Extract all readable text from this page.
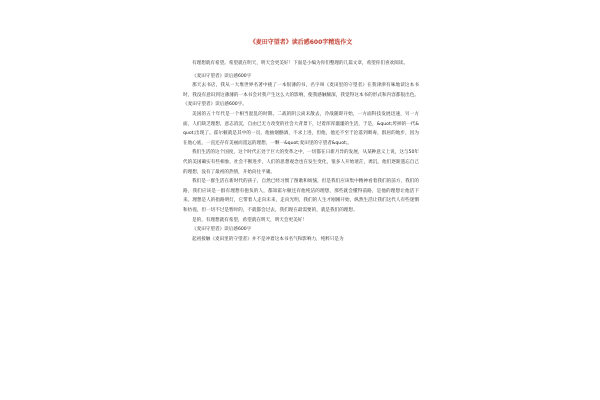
《麦田守望者》读后感600字精选作文

有理想就有希望。希望就在明天，明天会更美好！下面是小编为你们整理的几篇文章，希望你们喜欢阅读。

《麦田守望者》读后感600字

那天去书店，我从一大堆世界名著中挑了一本很薄的书，名字叫《麦田里的守望者》在我津津有味地读这本书时，我没有意识到这薄薄的一本书会对我产生这么大的影响，使我感触颇深，我觉得这本书的形式和内容都很出色。《麦田守望者》读后感600字。

美国的五十年代是一个相当混乱的时期。二战的阴云尚未散去，冷战随即开始，一方面科技发展迅速，另一方面，人们缺乏理想，意志消沉，自由已无力改变的社会大背景下，过着浑浑噩噩的生活，于是，&quot;垮掉的一代&quot;出现了。霍尔顿就是其中的一员，他抽烟酗酒，不求上进，但他，他还不至于沦落到吸毒，群居的地步，因为在他心底，一直还存有美丽而遥远的理想，一颗一&quot;麦田里的守望者&quot;。

我们生活的这个国度，这个时代正处于巨大的变革之中，一切都在日新月异的发展，从某种意义上说，这与50年代的美国确实有些相象，社会不断进步，人们的思想观念也在发生变化，很多人开始迷茫，诱沉，他们逐渐遗忘自己的理想，没有了最初的热情，开始向往平庸。

我们是一群生活在新时代的孩子，自然已经习惯了图歌和烦恼，但是我们应该集中精神看着我们的前方，我们的路，我们应该是一群有理想有抱负的人，都知霍尔顿还有他纯洁的理想，那些就会懂得前路，是他的理想让他活下来。理想是人的指路明灯，它带着人走向未来，走向光明，我们的人生才刚刚开始，纵然生活让我们这代人有些迷惘和彷徨，但一切不过是暂时的，不就都会过去，我们现在最需要的，就是我们的理想。

是的，有理想就有希望，希望就在明天，明天会更美好！

《麦田守望者》读后感600字

起初接触《麦田里的守望者》并不是冲着这本书名气和影响力，纯粹只是为
